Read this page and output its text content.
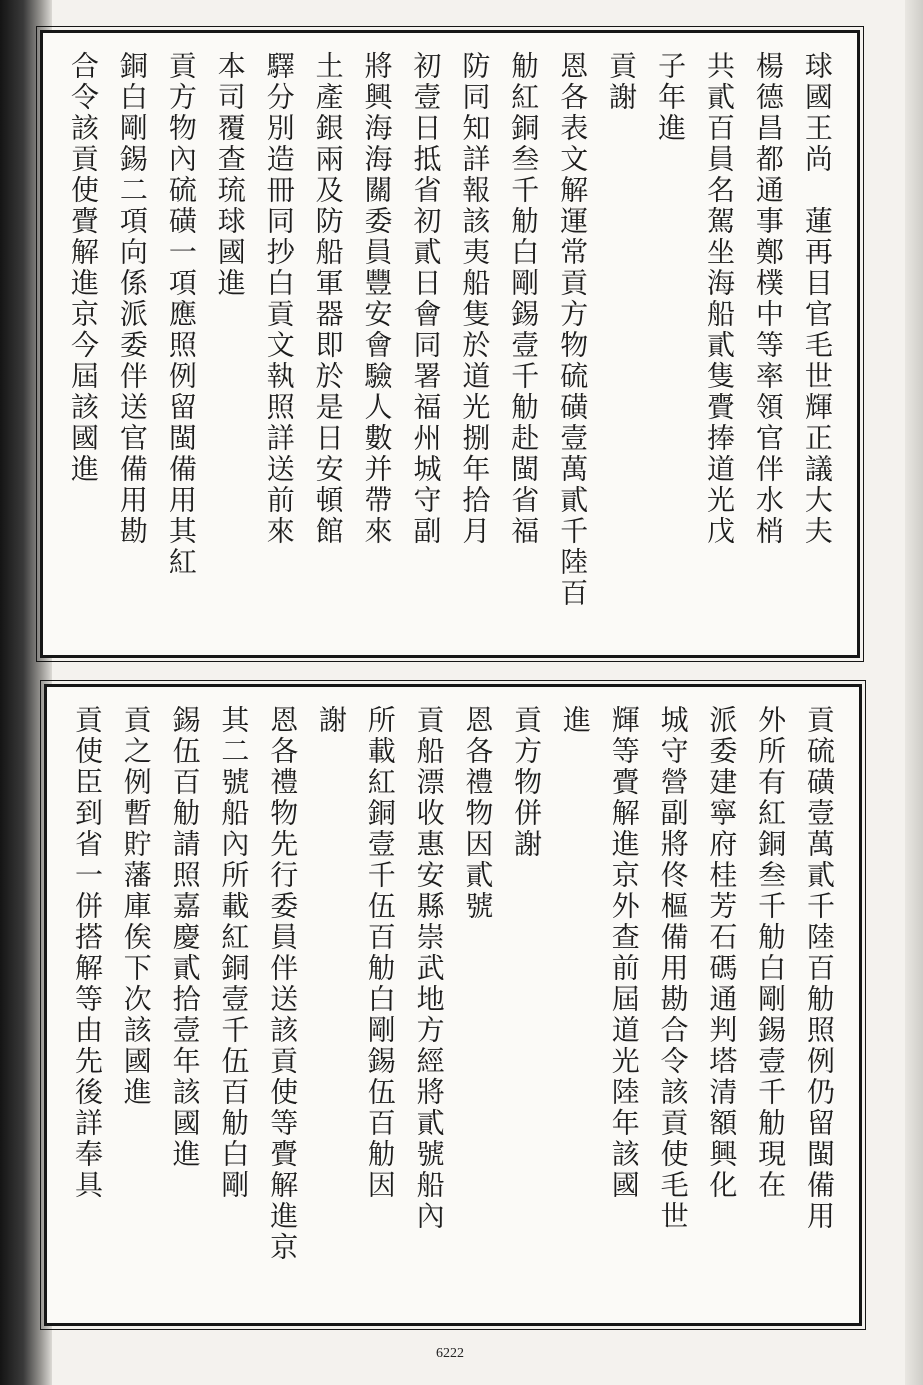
球國王尚　蓮再目官毛世輝正議大夫
楊德昌都通事鄭樸中等率領官伴水梢
共貳百員名駕坐海船貳隻賷捧道光戊
子年進
貢謝
恩各表文解運常貢方物硫磺壹萬貳千陸百
觔紅銅叁千觔白剛錫壹千觔赴閩省福
防同知詳報該夷船隻於道光捌年拾月
初壹日抵省初貳日會同署福州城守副
將興海海關委員豐安會驗人數并帶來
土產銀兩及防船軍器即於是日安頓館
驛分別造冊同抄白貢文執照詳送前來
本司覆查琉球國進
貢方物內硫磺一項應照例留閩備用其紅
銅白剛錫二項向係派委伴送官備用勘
合令該貢使賷解進京今屆該國進
貢硫磺壹萬貳千陸百觔照例仍留閩備用
外所有紅銅叁千觔白剛錫壹千觔現在
派委建寧府桂芳石碼通判塔清額興化
城守營副將佟樞備用勘合令該貢使毛世
輝等賷解進京外查前屆道光陸年該國
進
貢方物併謝
恩各禮物因貳號
貢船漂收惠安縣崇武地方經將貳號船內
所載紅銅壹千伍百觔白剛錫伍百觔因
謝
恩各禮物先行委員伴送該貢使等賷解進京
其二號船內所載紅銅壹千伍百觔白剛
錫伍百觔請照嘉慶貳拾壹年該國進
貢之例暫貯藩庫俟下次該國進
貢使臣到省一併搭解等由先後詳奉具
6222
